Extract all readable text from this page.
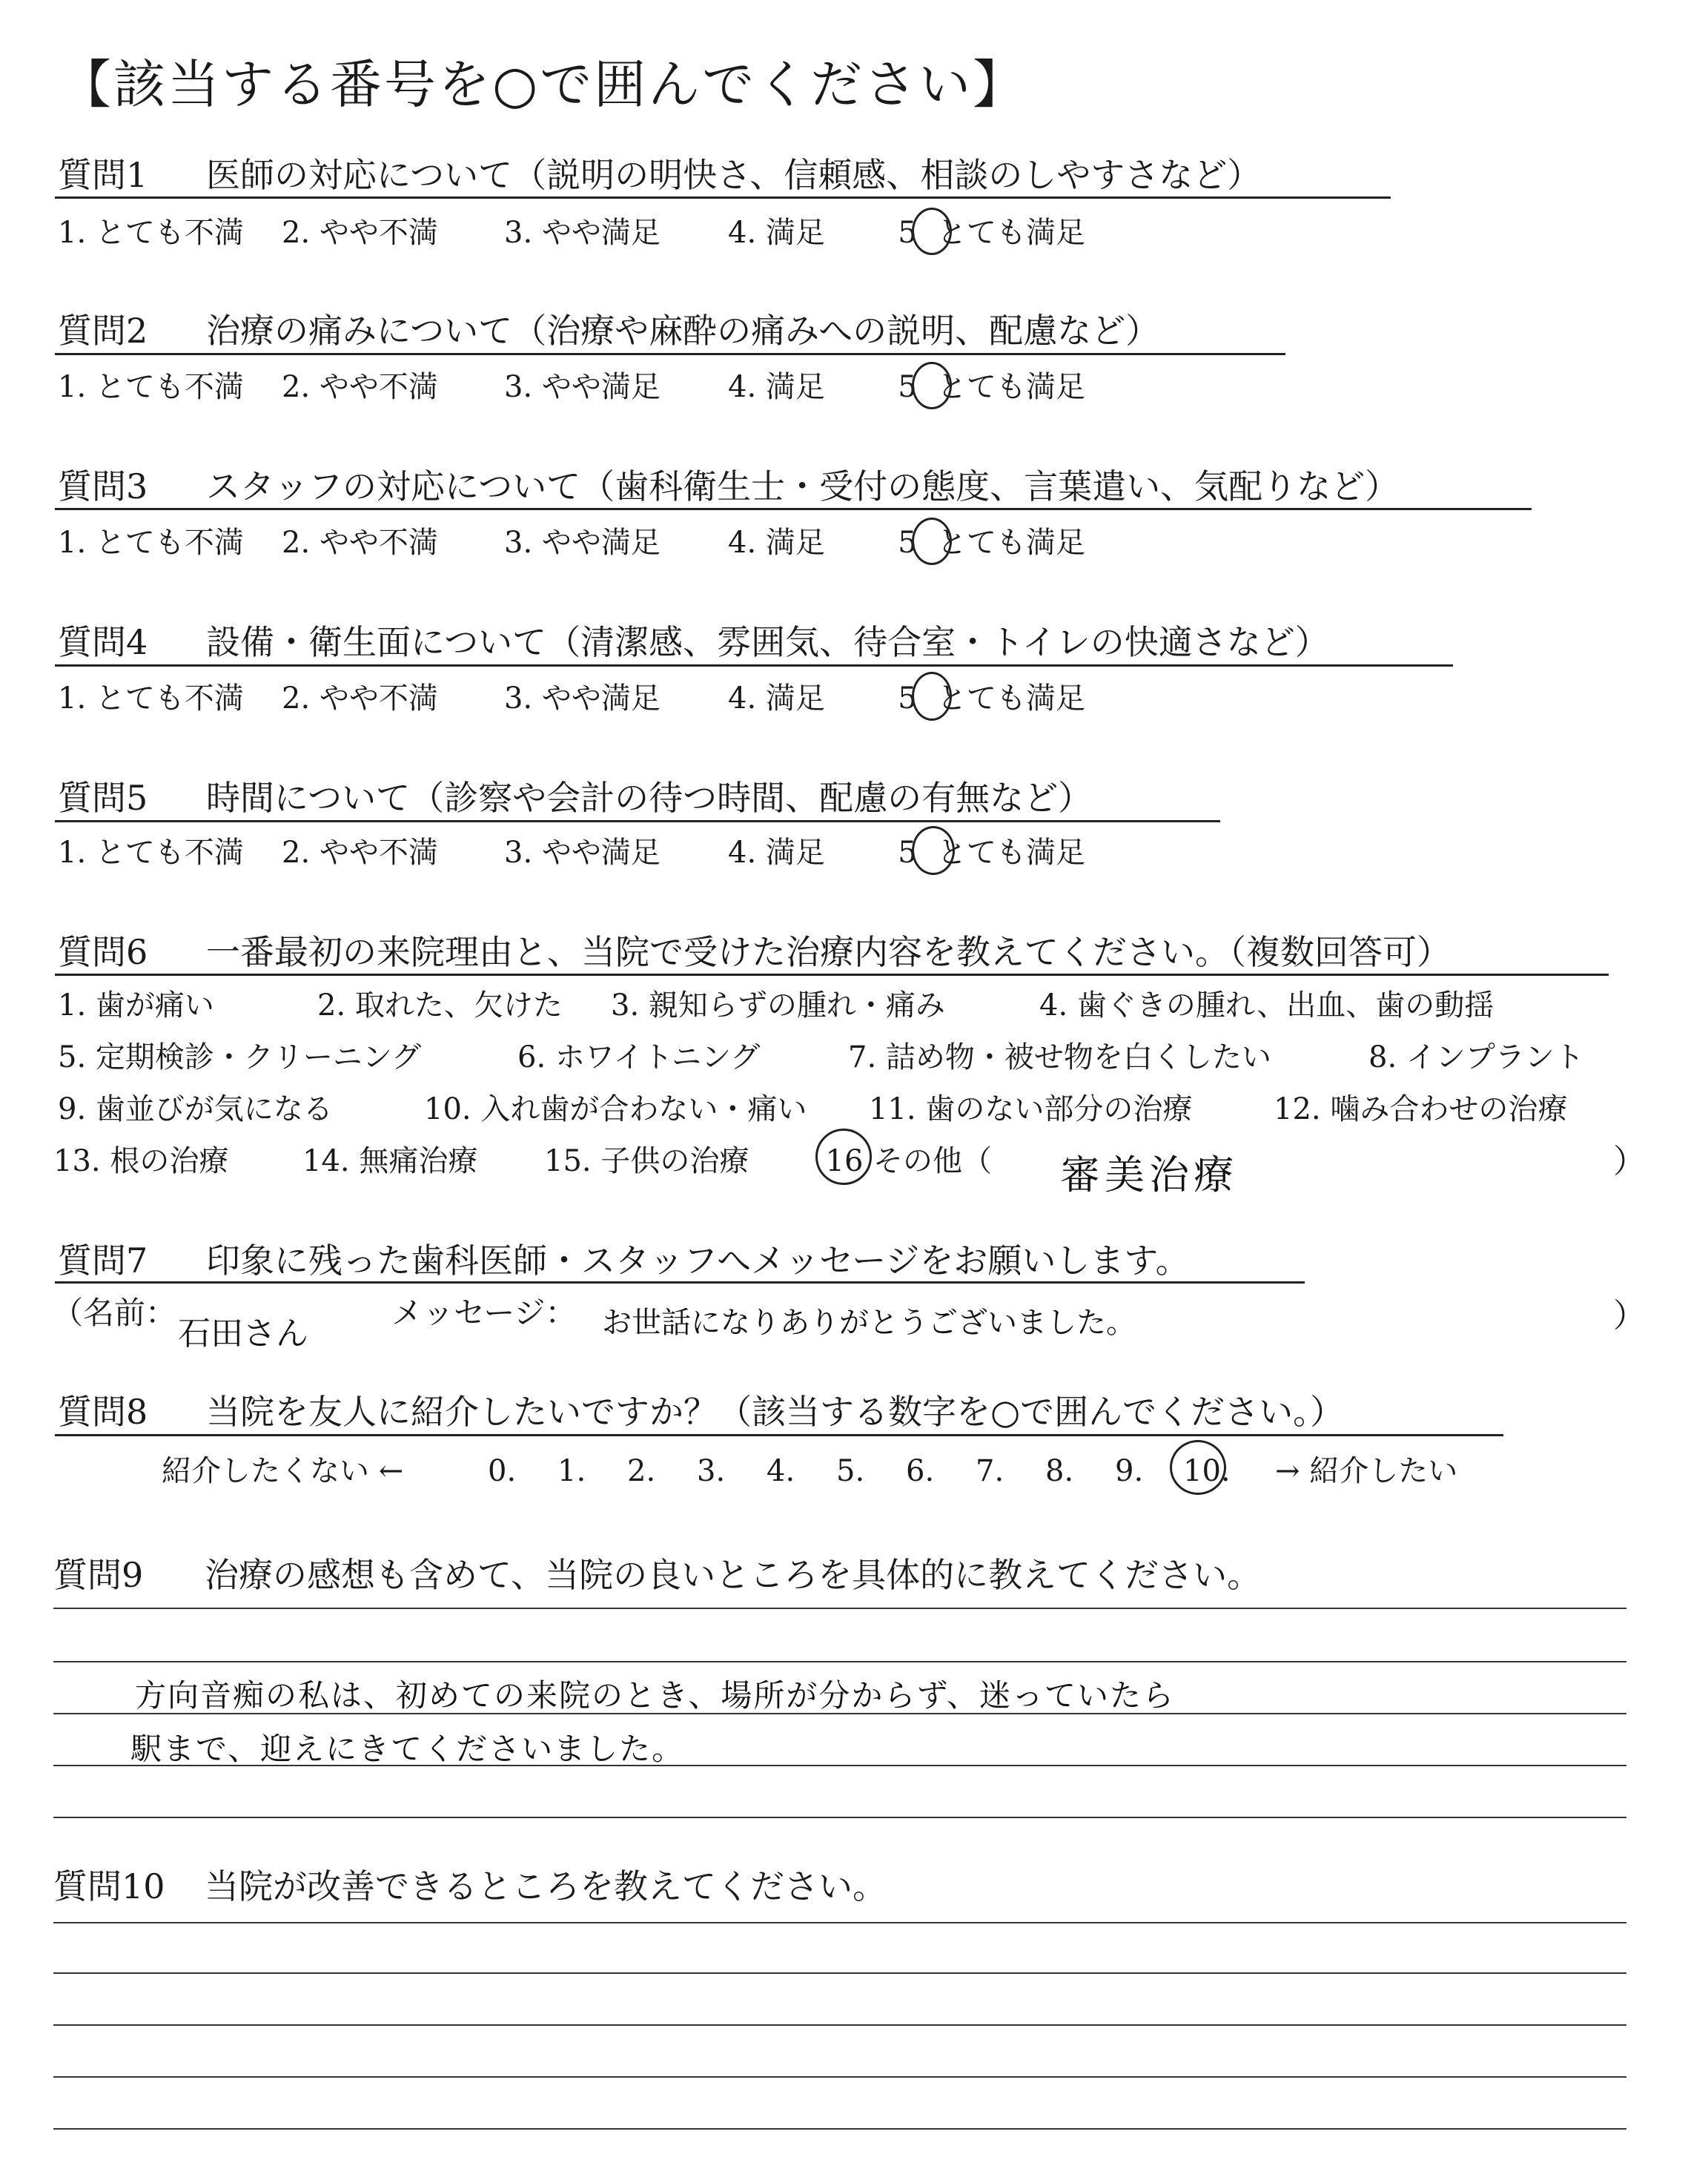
【該当する番号を○で囲んでください】
質問1 医師の対応について（説明の明快さ、信頼感、相談のしやすさなど）
1. とても不満 2. やや不満 3. やや満足 4. 満足 5 とても満足
質問2 治療の痛みについて（治療や麻酔の痛みへの説明、配慮など）
1. とても不満 2. やや不満 3. やや満足 4. 満足 5 とても満足
質問3 スタッフの対応について（歯科衛生士・受付の態度、言葉遣い、気配りなど）
1. とても不満 2. やや不満 3. やや満足 4. 満足 5 とても満足
質問4 設備・衛生面について（清潔感、雰囲気、待合室・トイレの快適さなど）
1. とても不満 2. やや不満 3. やや満足 4. 満足 5 とても満足
質問5 時間について（診察や会計の待つ時間、配慮の有無など）
1. とても不満 2. やや不満 3. やや満足 4. 満足 5 とても満足
質問6 一番最初の来院理由と、当院で受けた治療内容を教えてください。（複数回答可）
1. 歯が痛い	2. 取れた、欠けた 3. 親知らずの腫れ・痛み	4. 歯ぐきの腫れ、出血、歯の動揺
5. 定期検診・クリーニング	6. ホワイトニング	7. 詰め物・被せ物を白くしたい	8. インプラント
9. 歯並びが気になる	10. 入れ歯が合わない・痛い 11. 歯のない部分の治療	12. 噛み合わせの治療
13. 根の治療 14. 無痛治療 15. 子供の治療	16 その他（ 審美治療	）
質問7 印象に残った歯科医師・スタッフへメッセージをお願いします。
（名前：
石田さん
メッセージ： お世話になりありがとうございました。	）
質問8 当院を友人に紹介したいですか？（該当する数字を○で囲んでください。）
紹介したくない ←	0. 1. 2. 3. 4. 5. 6. 7. 8. 9. 10. → 紹介したい
質問9 治療の感想も含めて、当院の良いところを具体的に教えてください。
方向音痴の私は、初めての来院のとき、場所が分からず、迷っていたら
駅まで、迎えにきてくださいました。
質問10 当院が改善できるところを教えてください。
